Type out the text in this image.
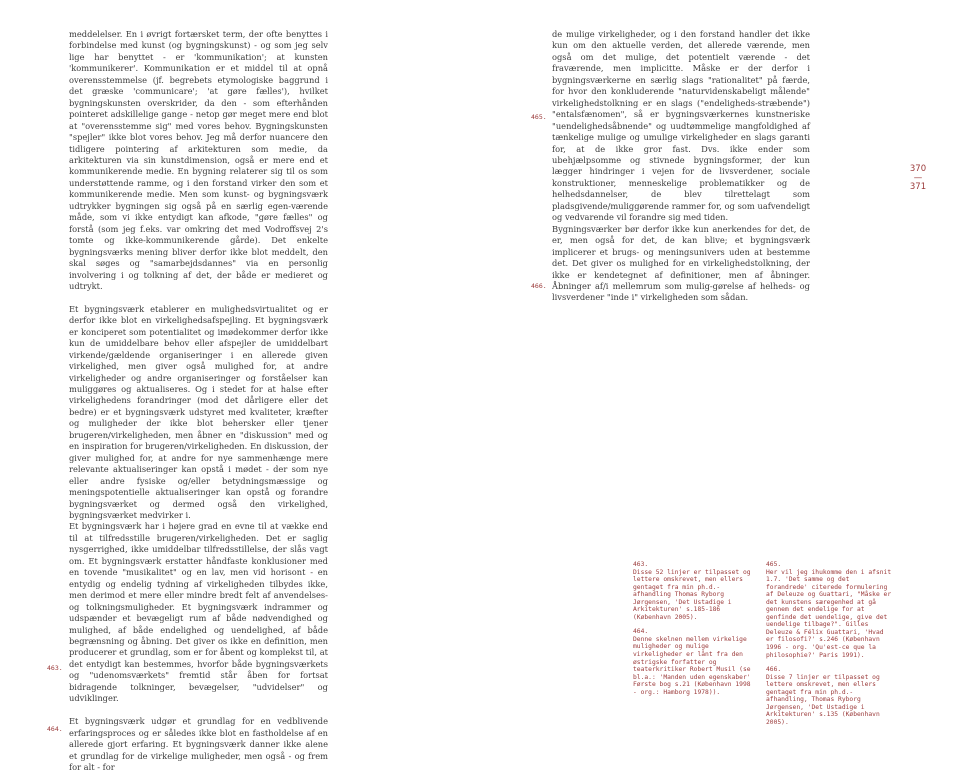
meddelelser. En i øvrigt fortærsket term, der ofte benyttes i forbindelse med kunst (og bygningskunst) - og som jeg selv lige har benyttet - er 'kommunikation'; at kunsten 'kommunikerer'. Kommunikation er et middel til at opnå overensstemmelse (jf. begrebets etymologiske baggrund i det græske 'communicare'; 'at gøre fælles'), hvilket bygningskunsten overskrider, da den - som efterhånden pointeret adskillelige gange - netop gør meget mere end blot at "overensstemme sig" med vores behov. Bygningskunsten "spejler" ikke blot vores behov. Jeg må derfor nuancere den tidligere pointering af arkitekturen som medie, da arkitekturen via sin kunstdimension, også er mere end et kommunikerende medie. En bygning relaterer sig til os som understøttende ramme, og i den forstand virker den som et kommunikerende medie. Men som kunst- og bygningsværk udtrykker bygningen sig også på en særlig egen-værende måde, som vi ikke entydigt kan afkode, "gøre fælles" og forstå (som jeg f.eks. var omkring det med Vodroffsvej 2's tomte og ikke-kommunikerende gårde). Det enkelte bygningsværks mening bliver derfor ikke blot meddelt, den skal søges og "samarbejdsdannes" via en personlig involvering i og tolkning af det, der både er medieret og udtrykt.

Et bygningsværk etablerer en mulighedsvirtualitet og er derfor ikke blot en virkelighedsafspejling. Et bygningsværk er konciperet som potentialitet og imødekommer derfor ikke kun de umiddelbare behov eller afspejler de umiddelbart virkende/gældende organiseringer i en allerede given virkelighed, men giver også mulighed for, at andre virkeligheder og andre organiseringer og forståelser kan muliggøres og aktualiseres. Og i stedet for at halse efter virkelighedens forandringer (mod det dårligere eller det bedre) er et bygningsværk udstyret med kvaliteter, kræfter og muligheder der ikke blot behersker eller tjener brugeren/virkeligheden, men åbner en "diskussion" med og en inspiration for brugeren/virkeligheden. En diskussion, der giver mulighed for, at andre for nye sammenhænge mere relevante aktualiseringer kan opstå i mødet - der som nye eller andre fysiske og/eller betydningsmæssige og meningspotentielle aktualiseringer kan opstå og forandre bygningsværket og dermed også den virkelighed, bygningsværket medvirker i.

Et bygningsværk har i højere grad en evne til at vække end til at tilfredsstille brugeren/virkeligheden. Det er saglig nysgerrighed, ikke umiddelbar tilfredsstillelse, der slås vagt om. Et bygningsværk erstatter håndfaste konklusioner med en tovende "musikalitet" og en lav, men vid horisont - en entydig og endelig tydning af virkeligheden tilbydes ikke, men derimod et mere eller mindre bredt felt af anvendelses- og tolkningsmuligheder. Et bygningsværk indrammer og udspænder et bevægeligt rum af både nødvendighed og mulighed, af både endelighed og uendelighed, af både begrænsning og åbning. Det giver os ikke en definition, men producerer et grundlag, som er for åbent og komplekst til, at det entydigt kan bestemmes, hvorfor både bygningsværkets og "udenomsværkets" fremtid står åben for fortsat bidragende tolkninger, bevægelser, "udvidelser" og udviklinger.

Et bygningsværk udgør et grundlag for en vedblivende erfaringsproces og er således ikke blot en fastholdelse af en allerede gjort erfaring. Et bygningsværk danner ikke alene et grundlag for de virkelige muligheder, men også - og frem for alt - for

463.
464.

de mulige virkeligheder, og i den forstand handler det ikke kun om den aktuelle verden, det allerede værende, men også om det mulige, det potentielt værende - det fraværende, men implicitte. Måske er der derfor i bygningsværkerne en særlig slags "rationalitet" på færde, for hvor den konkluderende "naturvidenskabeligt målende" virkelighedstolkning er en slags ("endeligheds-stræbende") "entalsfænomen", så er bygningsværkernes kunstneriske "uendelighedsåbnende" og uudtømmelige mangfoldighed af tænkelige mulige og umulige virkeligheder en slags garanti for, at de ikke gror fast. Dvs. ikke ender som ubehjælpsomme og stivnede bygningsformer, der kun lægger hindringer i vejen for de livsverdener, sociale konstruktioner, menneskelige problematikker og de helhedsdannelser, de blev tilrettelagt som pladsgivende/muliggørende rammer for, og som uafvendeligt og vedvarende vil forandre sig med tiden.

Bygningsværker bør derfor ikke kun anerkendes for det, de er, men også for det, de kan blive; et bygningsværk implicerer et brugs- og meningsunivers uden at bestemme det. Det giver os mulighed for en virkelighedstolkning, der ikke er kendetegnet af definitioner, men af åbninger. Åbninger af/i mellemrum som mulig-gørelse af helheds- og livsverdener "inde i" virkeligheden som sådan.

465.
466.
370
—
371
463.
Disse 52 linjer er tilpasset og lettere omskrevet, men ellers gentaget fra min ph.d.-afhandling Thomas Ryborg Jørgensen, 'Det Ustadige i Arkitekturen' s.185-186 (København 2005).
464.
Denne skelnen mellem virkelige muligheder og mulige virkeligheder er lånt fra den østrigske forfatter og teaterkritiker Robert Musil (se bl.a.: 'Manden uden egenskaber' Første bog s.21 (København 1998 - org.: Hamborg 1978)).
465.
Her vil jeg ihukomme den i afsnit 1.7. 'Det samme og det forandrede' citerede formulering af Deleuze og Guattari, "Måske er det kunstens særegenhed at gå gennem det endelige for at genfinde det uendelige, give det uendelige tilbage?". Gilles Deleuze & Félix Guattari, 'Hvad er filosofi?' s.246 (København 1996 - org. 'Qu'est-ce que la philosophie?' Paris 1991).
466.
Disse 7 linjer er tilpasset og lettere omskrevet, men ellers gentaget fra min ph.d.-afhandling, Thomas Ryborg Jørgensen, 'Det Ustadige i Arkitekturen' s.135 (København 2005).
